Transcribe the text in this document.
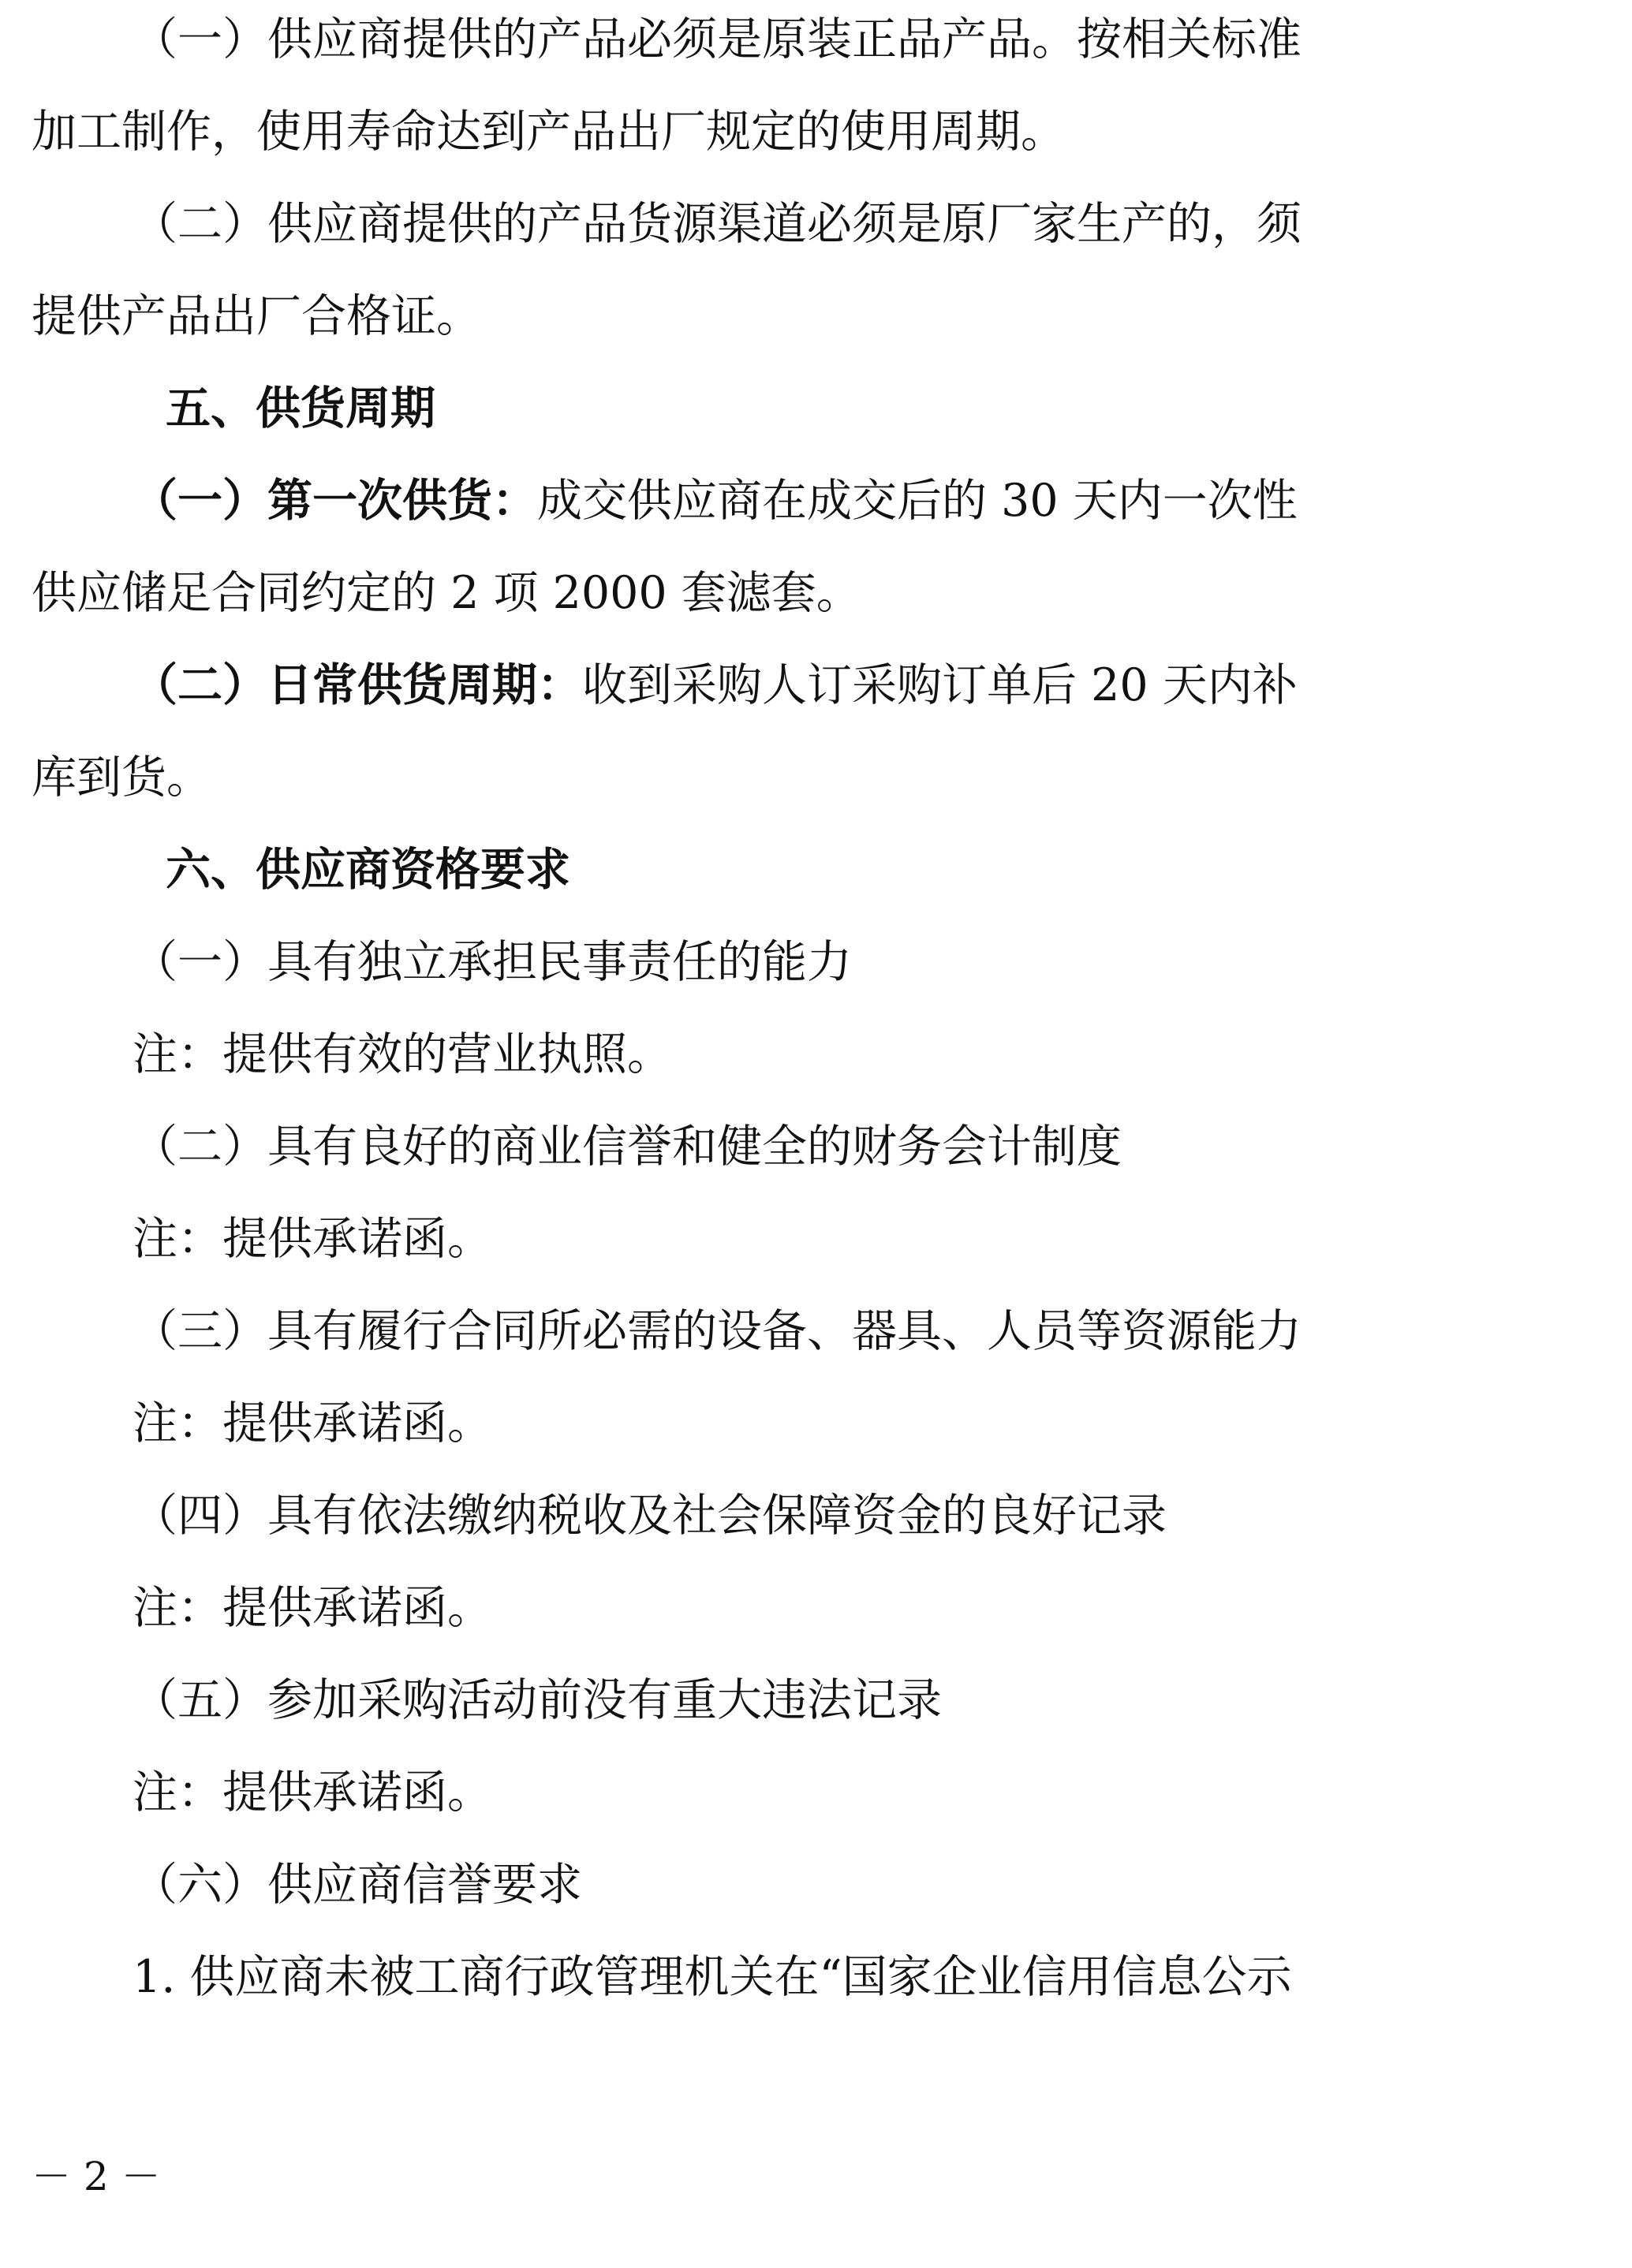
（一）供应商提供的产品必须是原装正品产品。按相关标准

加工制作，使用寿命达到产品出厂规定的使用周期。

（二）供应商提供的产品货源渠道必须是原厂家生产的，须

提供产品出厂合格证。

五、供货周期

（一）第一次供货：成交供应商在成交后的 30 天内一次性

供应储足合同约定的 2 项 2000 套滤套。

（二）日常供货周期：收到采购人订采购订单后 20 天内补

库到货。

六、供应商资格要求

（一）具有独立承担民事责任的能力

注：提供有效的营业执照。

（二）具有良好的商业信誉和健全的财务会计制度

注：提供承诺函。

（三）具有履行合同所必需的设备、器具、人员等资源能力

注：提供承诺函。

（四）具有依法缴纳税收及社会保障资金的良好记录

注：提供承诺函。

（五）参加采购活动前没有重大违法记录

注：提供承诺函。

（六）供应商信誉要求

1. 供应商未被工商行政管理机关在“国家企业信用信息公示

－ 2 －
